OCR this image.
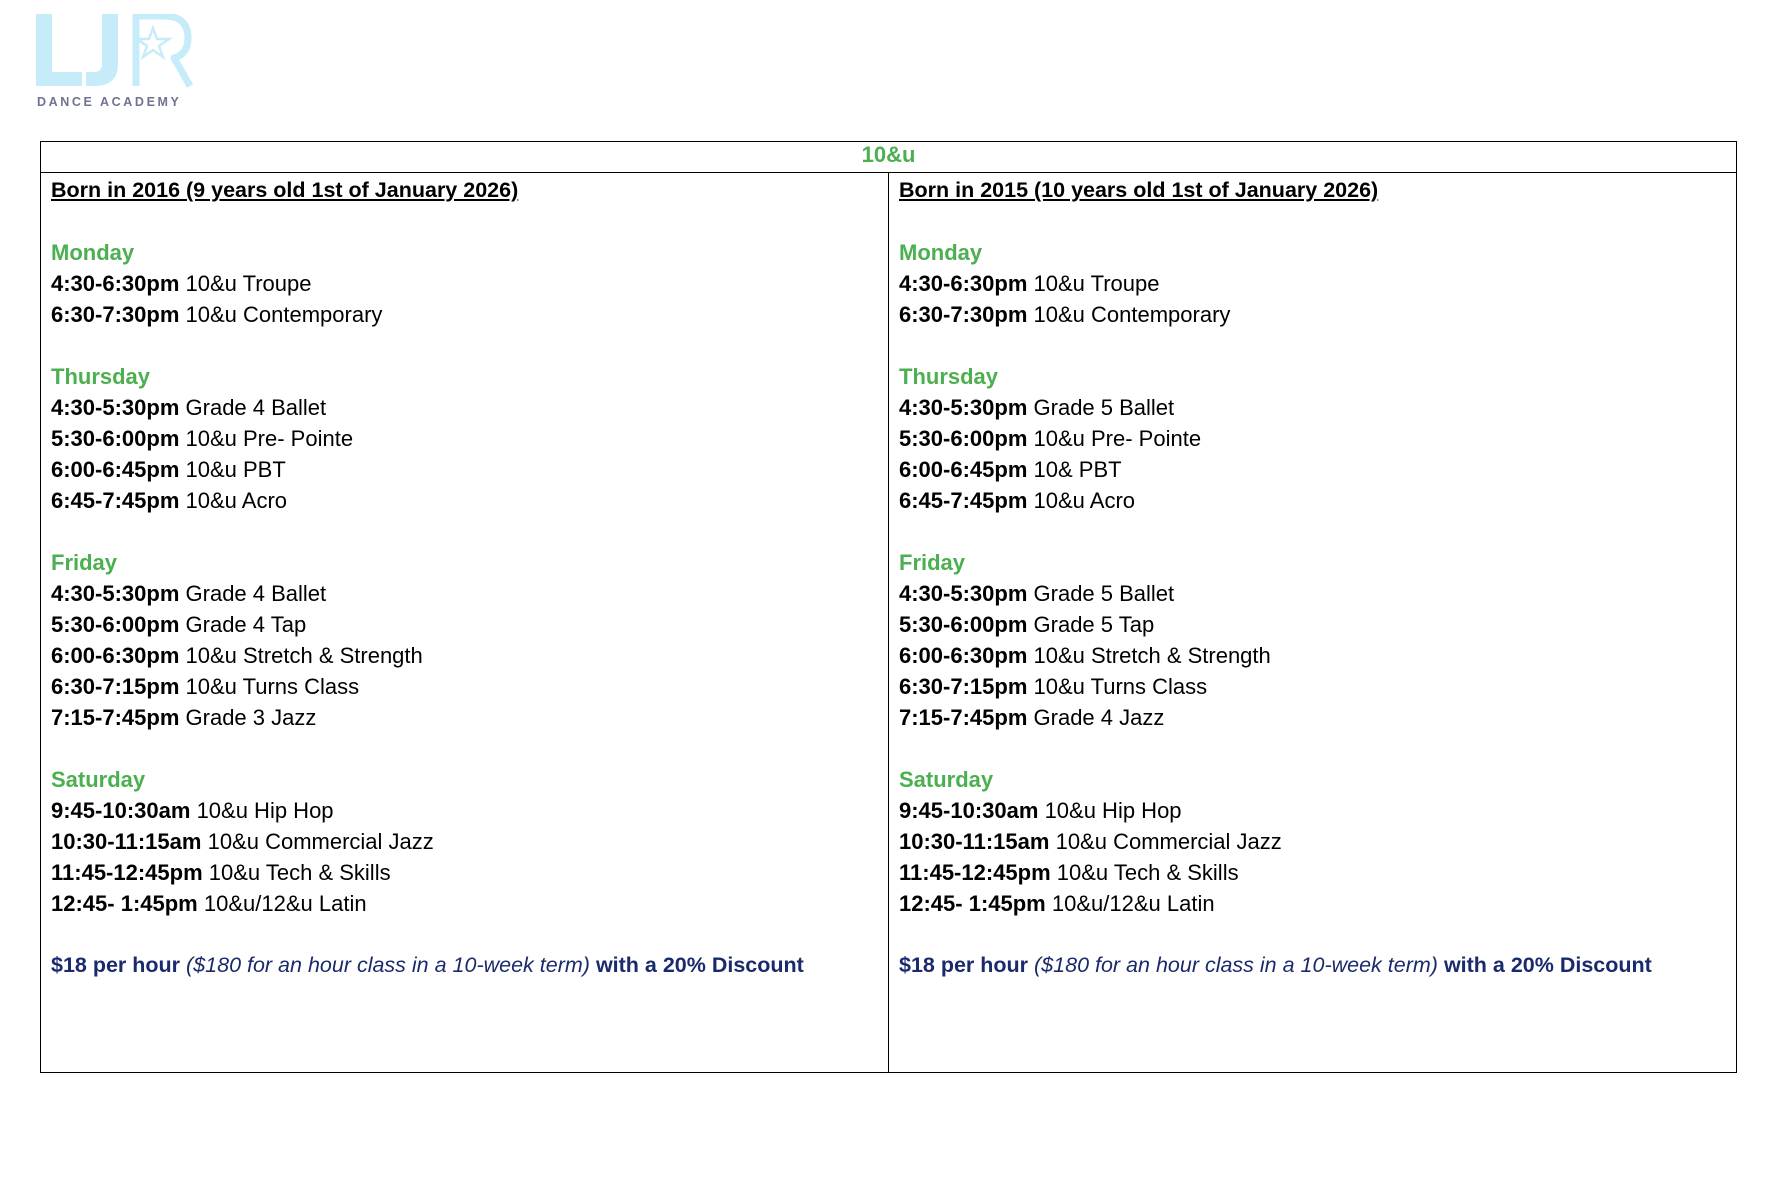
DANCE ACADEMY
10&u

Born in 2016 (9 years old 1st of January 2026)
Monday
4:30-6:30pm 10&u Troupe
6:30-7:30pm 10&u Contemporary
Thursday
4:30-5:30pm Grade 4 Ballet
5:30-6:00pm 10&u Pre- Pointe
6:00-6:45pm 10&u PBT
6:45-7:45pm 10&u Acro
Friday
4:30-5:30pm Grade 4 Ballet
5:30-6:00pm Grade 4 Tap
6:00-6:30pm 10&u Stretch & Strength
6:30-7:15pm 10&u Turns Class
7:15-7:45pm Grade 3 Jazz
Saturday
9:45-10:30am 10&u Hip Hop
10:30-11:15am 10&u Commercial Jazz
11:45-12:45pm 10&u Tech & Skills
12:45- 1:45pm 10&u/12&u Latin
$18 per hour ($180 for an hour class in a 10-week term) with a 20% Discount

Born in 2015 (10 years old 1st of January 2026)
Monday
4:30-6:30pm 10&u Troupe
6:30-7:30pm 10&u Contemporary
Thursday
4:30-5:30pm Grade 5 Ballet
5:30-6:00pm 10&u Pre- Pointe
6:00-6:45pm 10& PBT
6:45-7:45pm 10&u Acro
Friday
4:30-5:30pm Grade 5 Ballet
5:30-6:00pm Grade 5 Tap
6:00-6:30pm 10&u Stretch & Strength
6:30-7:15pm 10&u Turns Class
7:15-7:45pm Grade 4 Jazz
Saturday
9:45-10:30am 10&u Hip Hop
10:30-11:15am 10&u Commercial Jazz
11:45-12:45pm 10&u Tech & Skills
12:45- 1:45pm 10&u/12&u Latin
$18 per hour ($180 for an hour class in a 10-week term) with a 20% Discount
